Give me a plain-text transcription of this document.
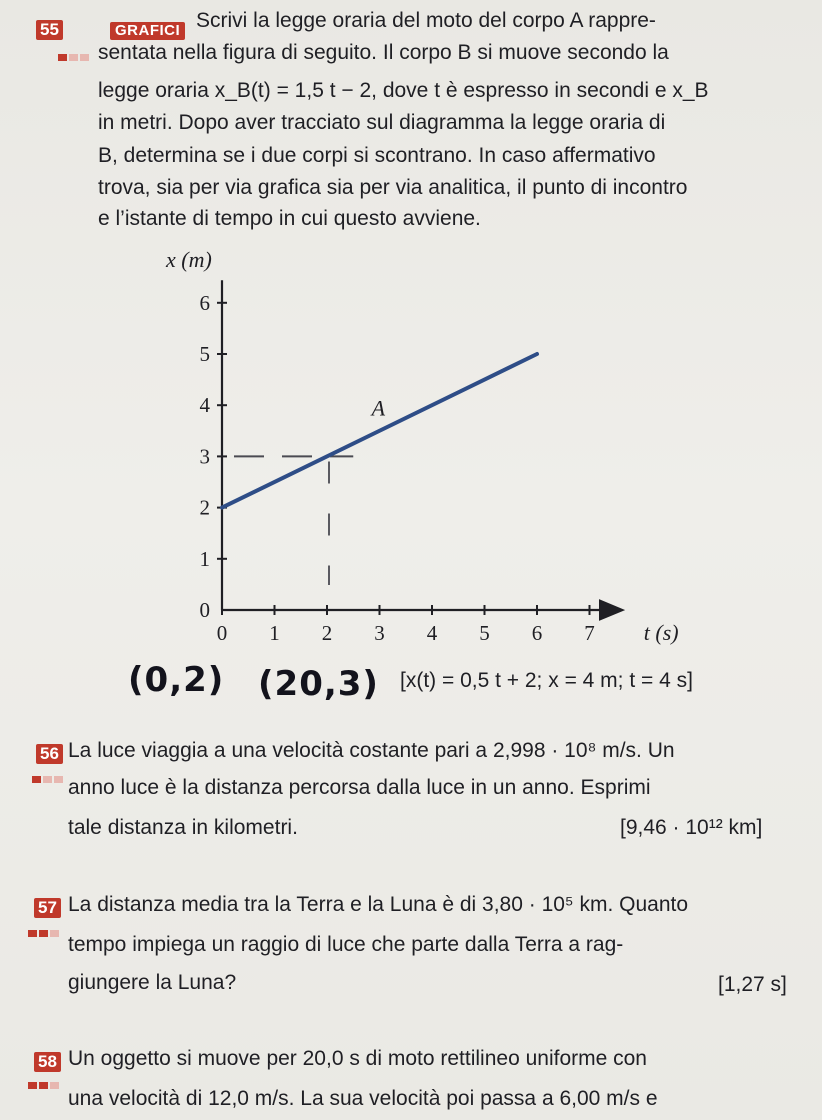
55	GRAFICI Scrivi la legge oraria del moto del corpo A rappre-
sentata nella figura di seguito. Il corpo B si muove secondo la
legge oraria x_B(t) = 1,5 t − 2, dove t è espresso in secondi e x_B
in metri. Dopo aver tracciato sul diagramma la legge oraria di
B, determina se i due corpi si scontrano. In caso affermativo
trova, sia per via grafica sia per via analitica, il punto di incontro
e l’istante di tempo in cui questo avviene.
0 1 2 3 4 5 6 7
0
1
2
3
4
5
6
t (s)
x (m)
A
(0,2) (20,3) [x(t) = 0,5 t + 2; x = 4 m; t = 4 s]
56 La luce viaggia a una velocità costante pari a 2,998 · 10⁸ m/s. Un
anno luce è la distanza percorsa dalla luce in un anno. Esprimi
tale distanza in kilometri.	[9,46 · 10¹² km]
57 La distanza media tra la Terra e la Luna è di 3,80 · 10⁵ km. Quanto
tempo impiega un raggio di luce che parte dalla Terra a rag-
giungere la Luna?	[1,27 s]
58 Un oggetto si muove per 20,0 s di moto rettilineo uniforme con
una velocità di 12,0 m/s. La sua velocità poi passa a 6,00 m/s e
